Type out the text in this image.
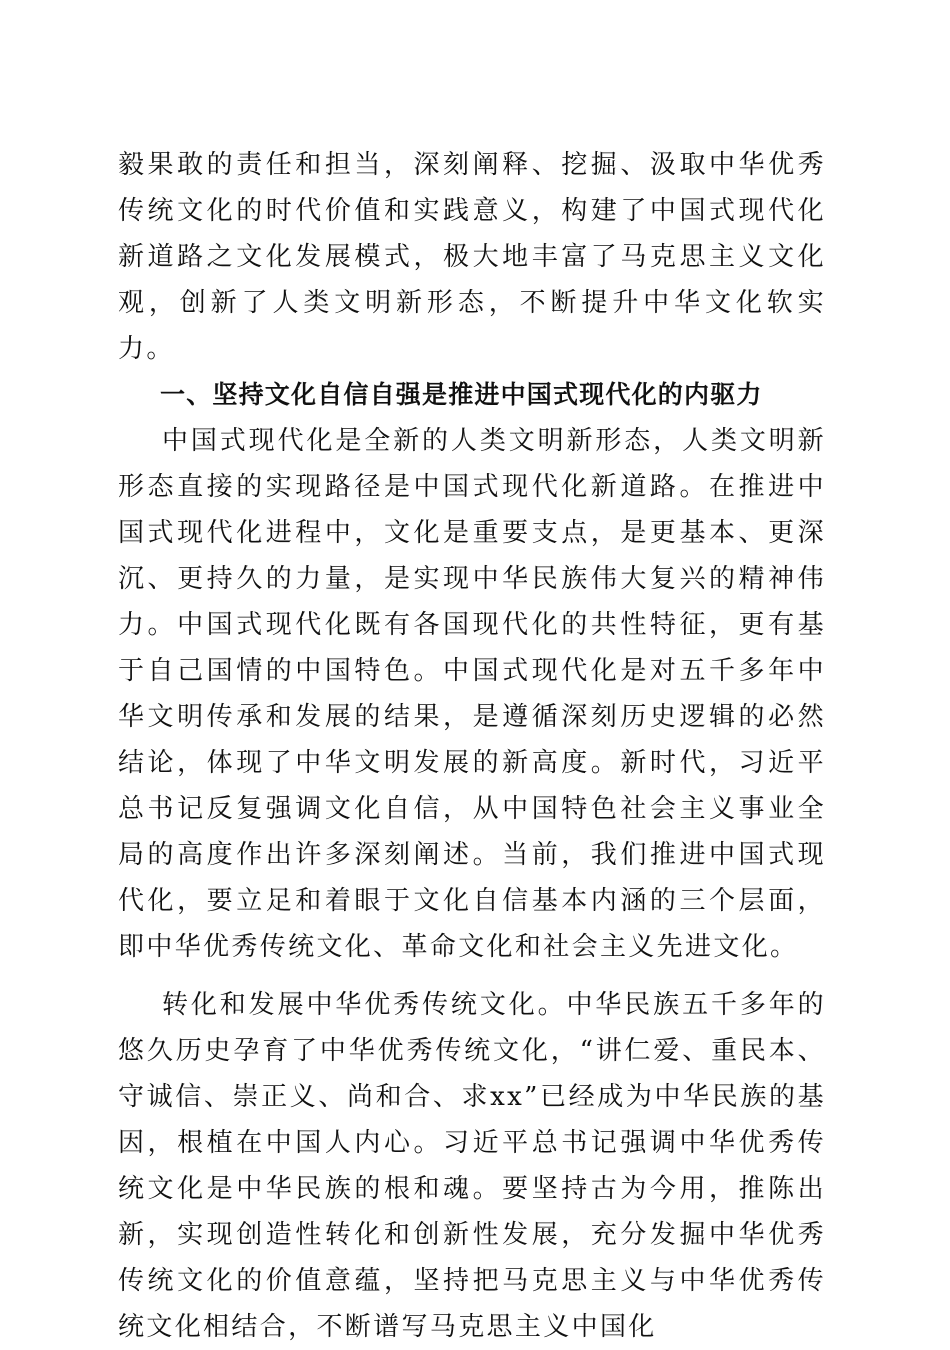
毅果敢的责任和担当，深刻阐释、挖掘、汲取中华优秀传统文化的时代价值和实践意义，构建了中国式现代化新道路之文化发展模式，极大地丰富了马克思主义文化观，创新了人类文明新形态，不断提升中华文化软实力。

一、坚持文化自信自强是推进中国式现代化的内驱力

中国式现代化是全新的人类文明新形态，人类文明新形态直接的实现路径是中国式现代化新道路。在推进中国式现代化进程中，文化是重要支点，是更基本、更深沉、更持久的力量，是实现中华民族伟大复兴的精神伟力。中国式现代化既有各国现代化的共性特征，更有基于自己国情的中国特色。中国式现代化是对五千多年中华文明传承和发展的结果，是遵循深刻历史逻辑的必然结论，体现了中华文明发展的新高度。新时代，习近平总书记反复强调文化自信，从中国特色社会主义事业全局的高度作出许多深刻阐述。当前，我们推进中国式现代化，要立足和着眼于文化自信基本内涵的三个层面，即中华优秀传统文化、革命文化和社会主义先进文化。

转化和发展中华优秀传统文化。中华民族五千多年的悠久历史孕育了中华优秀传统文化，“讲仁爱、重民本、守诚信、崇正义、尚和合、求xx”已经成为中华民族的基因，根植在中国人内心。习近平总书记强调中华优秀传统文化是中华民族的根和魂。要坚持古为今用，推陈出新，实现创造性转化和创新性发展，充分发掘中华优秀传统文化的价值意蕴，坚持把马克思主义与中华优秀传统文化相结合，不断谱写马克思主义中国化
